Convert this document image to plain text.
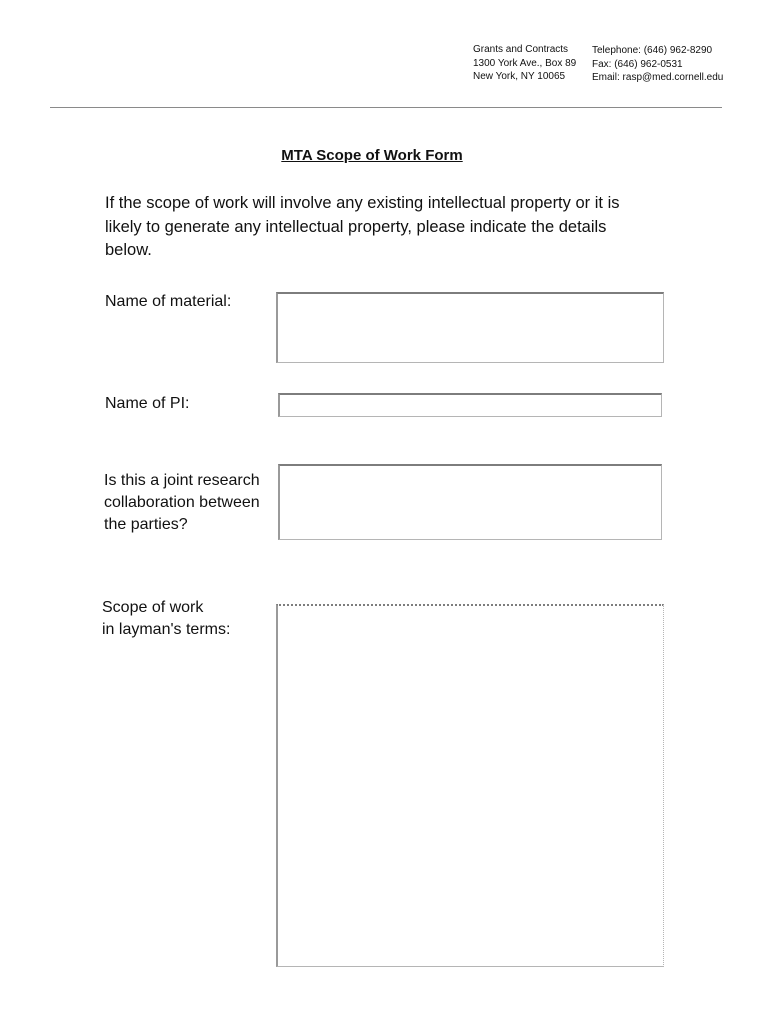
Grants and Contracts
1300 York Ave., Box 89
New York, NY 10065
Telephone: (646) 962-8290
Fax: (646) 962-0531
Email: rasp@med.cornell.edu
MTA Scope of Work Form
If the scope of work will involve any existing intellectual property or it is
likely to generate any intellectual property, please indicate the details
below.
Name of material:
Name of PI:
Is this a joint research
collaboration between
the parties?
Scope of work
in layman's terms:
